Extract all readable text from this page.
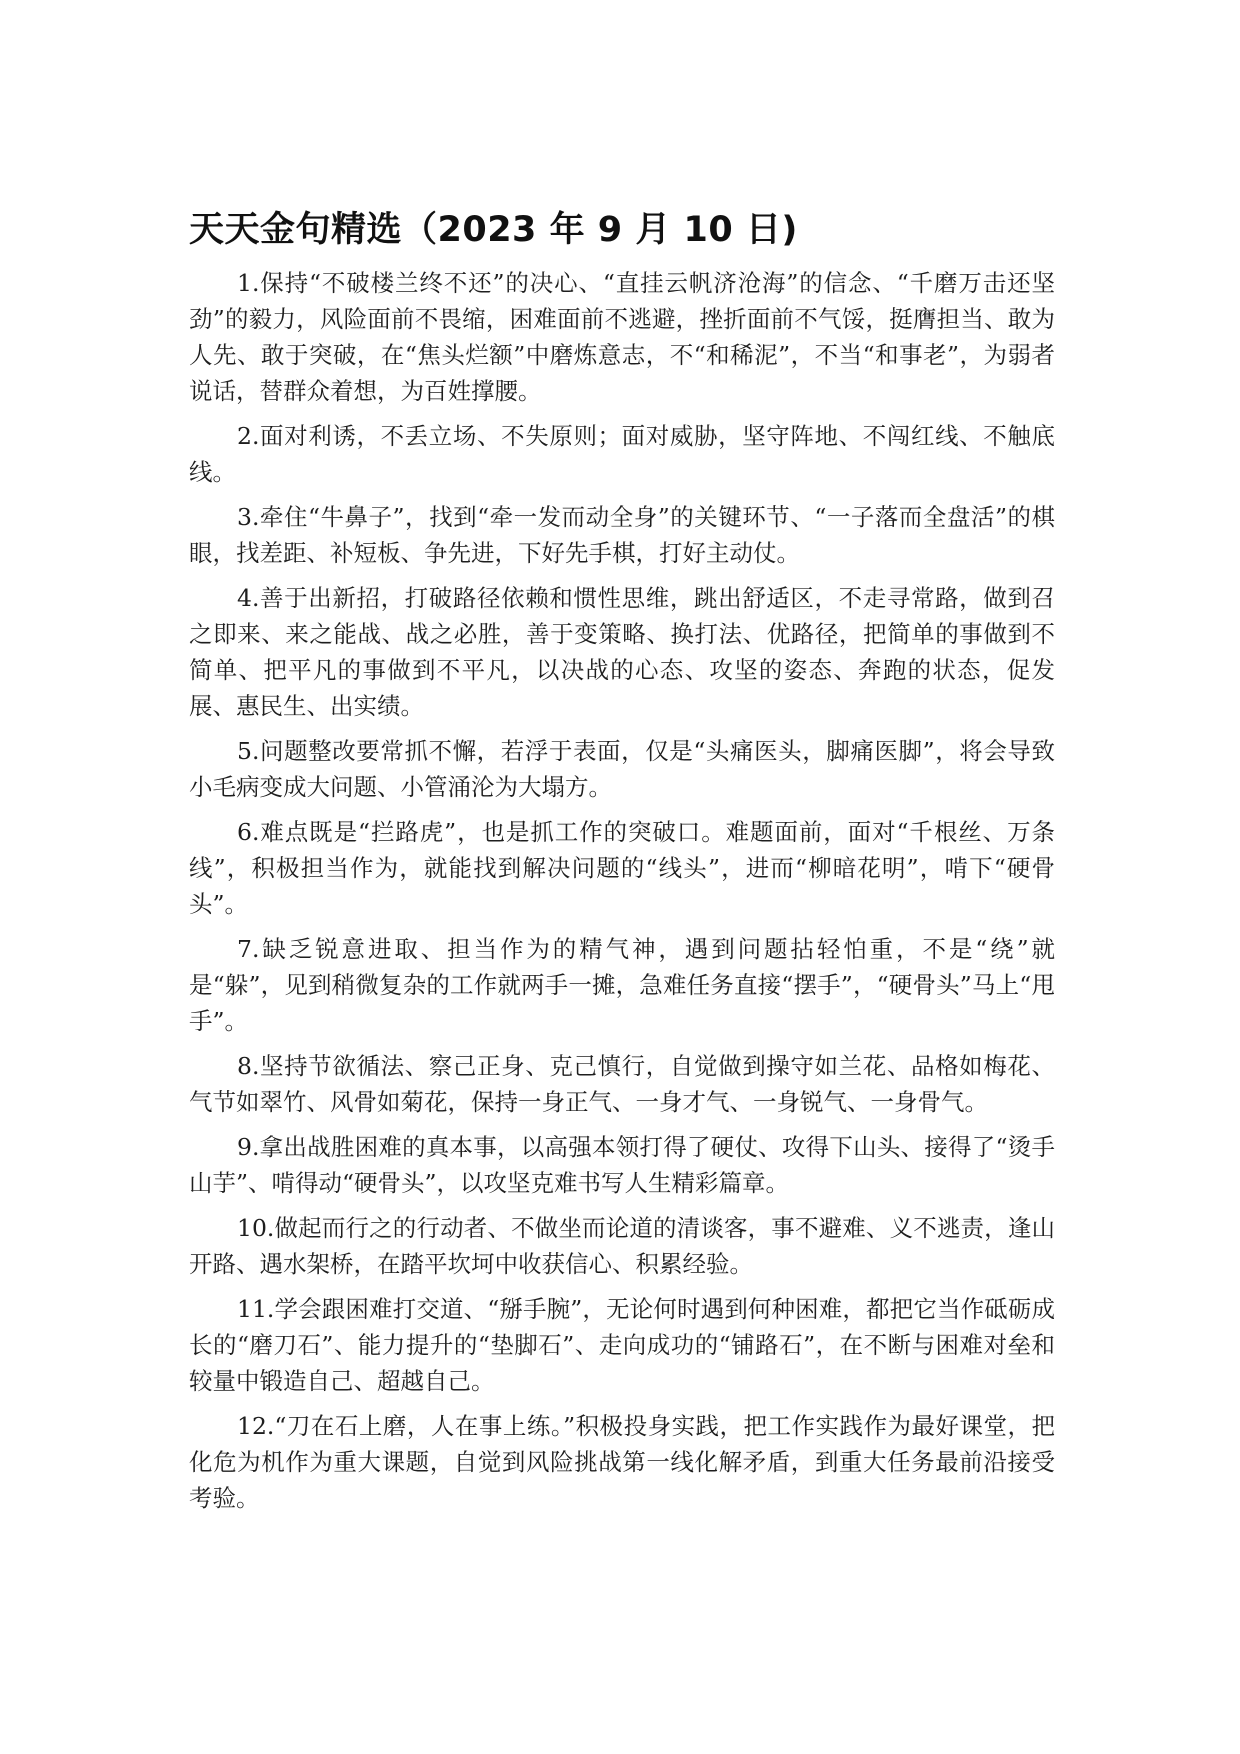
天天金句精选（2023 年 9 月 10 日)

1.保持“不破楼兰终不还”的决心、“直挂云帆济沧海”的信念、“千磨万击还坚劲”的毅力，风险面前不畏缩，困难面前不逃避，挫折面前不气馁，挺膺担当、敢为人先、敢于突破，在“焦头烂额”中磨炼意志，不“和稀泥”，不当“和事老”，为弱者说话，替群众着想，为百姓撑腰。

2.面对利诱，不丢立场、不失原则；面对威胁，坚守阵地、不闯红线、不触底线。

3.牵住“牛鼻子”，找到“牵一发而动全身”的关键环节、“一子落而全盘活”的棋眼，找差距、补短板、争先进，下好先手棋，打好主动仗。

4.善于出新招，打破路径依赖和惯性思维，跳出舒适区，不走寻常路，做到召之即来、来之能战、战之必胜，善于变策略、换打法、优路径，把简单的事做到不简单、把平凡的事做到不平凡，以决战的心态、攻坚的姿态、奔跑的状态，促发展、惠民生、出实绩。

5.问题整改要常抓不懈，若浮于表面，仅是“头痛医头，脚痛医脚”，将会导致小毛病变成大问题、小管涌沦为大塌方。

6.难点既是“拦路虎”，也是抓工作的突破口。难题面前，面对“千根丝、万条线”，积极担当作为，就能找到解决问题的“线头”，进而“柳暗花明”，啃下“硬骨头”。

7.缺乏锐意进取、担当作为的精气神，遇到问题拈轻怕重，不是“绕”就是“躲”，见到稍微复杂的工作就两手一摊，急难任务直接“摆手”，“硬骨头”马上“甩手”。

8.坚持节欲循法、察己正身、克己慎行，自觉做到操守如兰花、品格如梅花、气节如翠竹、风骨如菊花，保持一身正气、一身才气、一身锐气、一身骨气。

9.拿出战胜困难的真本事，以高强本领打得了硬仗、攻得下山头、接得了“烫手山芋”、啃得动“硬骨头”，以攻坚克难书写人生精彩篇章。

10.做起而行之的行动者、不做坐而论道的清谈客，事不避难、义不逃责，逢山开路、遇水架桥，在踏平坎坷中收获信心、积累经验。

11.学会跟困难打交道、“掰手腕”，无论何时遇到何种困难，都把它当作砥砺成长的“磨刀石”、能力提升的“垫脚石”、走向成功的“铺路石”，在不断与困难对垒和较量中锻造自己、超越自己。

12.“刀在石上磨，人在事上练。”积极投身实践，把工作实践作为最好课堂，把化危为机作为重大课题，自觉到风险挑战第一线化解矛盾，到重大任务最前沿接受考验。
